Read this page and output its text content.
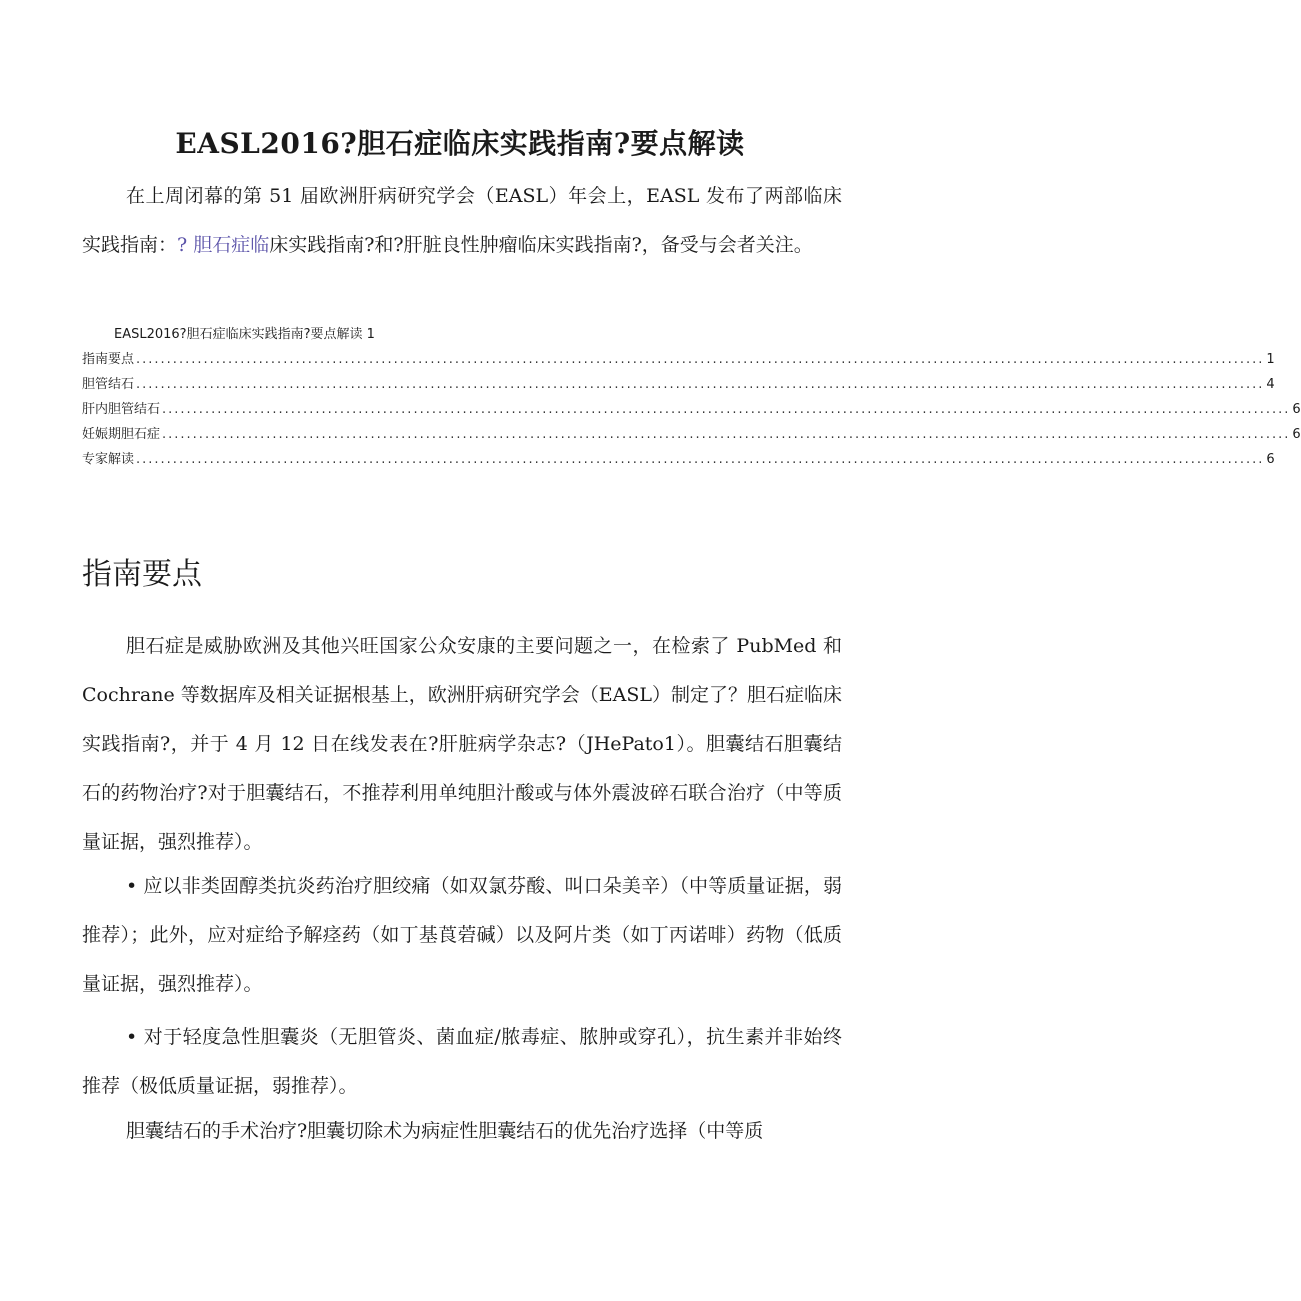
EASL2016?胆石症临床实践指南?要点解读

在上周闭幕的第 51 届欧洲肝病研究学会（EASL）年会上，EASL 发布了两部临床实践指南：? 胆石症临床实践指南?和?肝脏良性肿瘤临床实践指南?，备受与会者关注。

EASL2016?胆石症临床实践指南?要点解读 1
指南要点 ........................................................................................................................................................................................ 1
胆管结石 ........................................................................................................................................................................................ 4
肝内胆管结石 ........................................................................................................................................................................................ 6
妊娠期胆石症 ........................................................................................................................................................................................ 6
专家解读 ........................................................................................................................................................................................ 6
指南要点

胆石症是威胁欧洲及其他兴旺国家公众安康的主要问题之一，在检索了 PubMed 和 Cochrane 等数据库及相关证据根基上，欧洲肝病研究学会（EASL）制定了？胆石症临床实践指南?，并于 4 月 12 日在线发表在?肝脏病学杂志?（JHePato1）。胆囊结石胆囊结石的药物治疗?对于胆囊结石，不推荐利用单纯胆汁酸或与体外震波碎石联合治疗（中等质量证据，强烈推荐）。

• 应以非类固醇类抗炎药治疗胆绞痛（如双氯芬酸、叫口朵美辛）（中等质量证据，弱推荐）；此外，应对症给予解痉药（如丁基莨菪碱）以及阿片类（如丁丙诺啡）药物（低质量证据，强烈推荐）。

• 对于轻度急性胆囊炎（无胆管炎、菌血症/脓毒症、脓肿或穿孔），抗生素并非始终推荐（极低质量证据，弱推荐）。

胆囊结石的手术治疗?胆囊切除术为病症性胆囊结石的优先治疗选择（中等质
